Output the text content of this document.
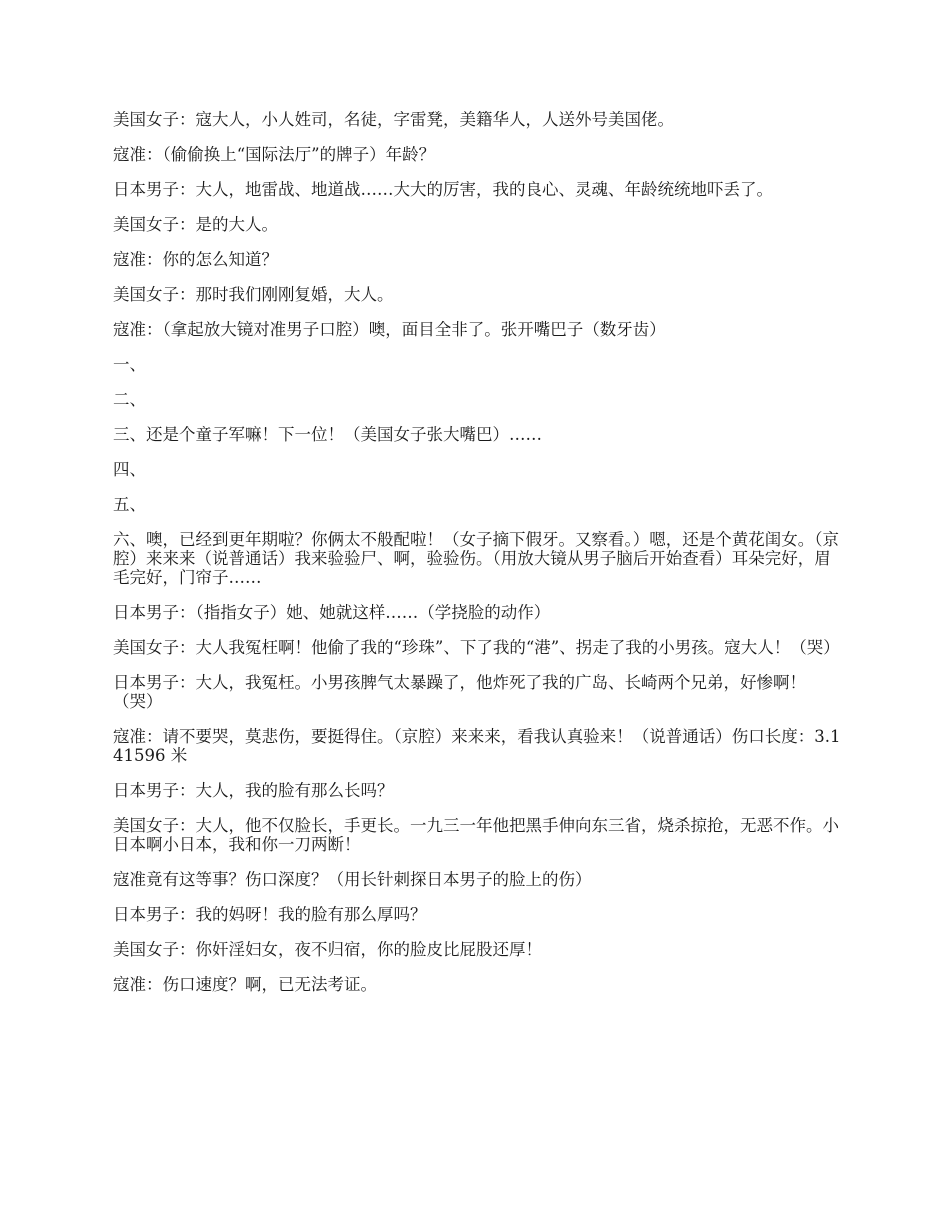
美国女子：寇大人，小人姓司，名徒，字雷凳，美籍华人，人送外号美国佬。

寇准：（偷偷换上“国际法厅”的牌子）年龄？

日本男子：大人，地雷战、地道战……大大的厉害，我的良心、灵魂、年龄统统地吓丢了。

美国女子：是的大人。

寇准：你的怎么知道？

美国女子：那时我们刚刚复婚，大人。

寇准：（拿起放大镜对准男子口腔）噢，面目全非了。张开嘴巴子（数牙齿）

一、

二、

三、还是个童子军嘛！下一位！（美国女子张大嘴巴）……

四、

五、

六、噢，已经到更年期啦？你俩太不般配啦！（女子摘下假牙。又察看。）嗯，还是个黄花闺女。（京腔）来来来（说普通话）我来验验尸、啊，验验伤。（用放大镜从男子脑后开始查看）耳朵完好，眉毛完好，门帘子……

日本男子：（指指女子）她、她就这样……（学挠脸的动作）

美国女子：大人我冤枉啊！他偷了我的“珍珠”、下了我的“港”、拐走了我的小男孩。寇大人！（哭）

日本男子：大人，我冤枉。小男孩脾气太暴躁了，他炸死了我的广岛、长崎两个兄弟，好惨啊！（哭）

寇准：请不要哭，莫悲伤，要挺得住。（京腔）来来来，看我认真验来！（说普通话）伤口长度：3.141596 米

日本男子：大人，我的脸有那么长吗？

美国女子：大人，他不仅脸长，手更长。一九三一年他把黑手伸向东三省，烧杀掠抢，无恶不作。小日本啊小日本，我和你一刀两断！

寇准竟有这等事？伤口深度？（用长针刺探日本男子的脸上的伤）

日本男子：我的妈呀！我的脸有那么厚吗？

美国女子：你奸淫妇女，夜不归宿，你的脸皮比屁股还厚！

寇准：伤口速度？啊，已无法考证。
